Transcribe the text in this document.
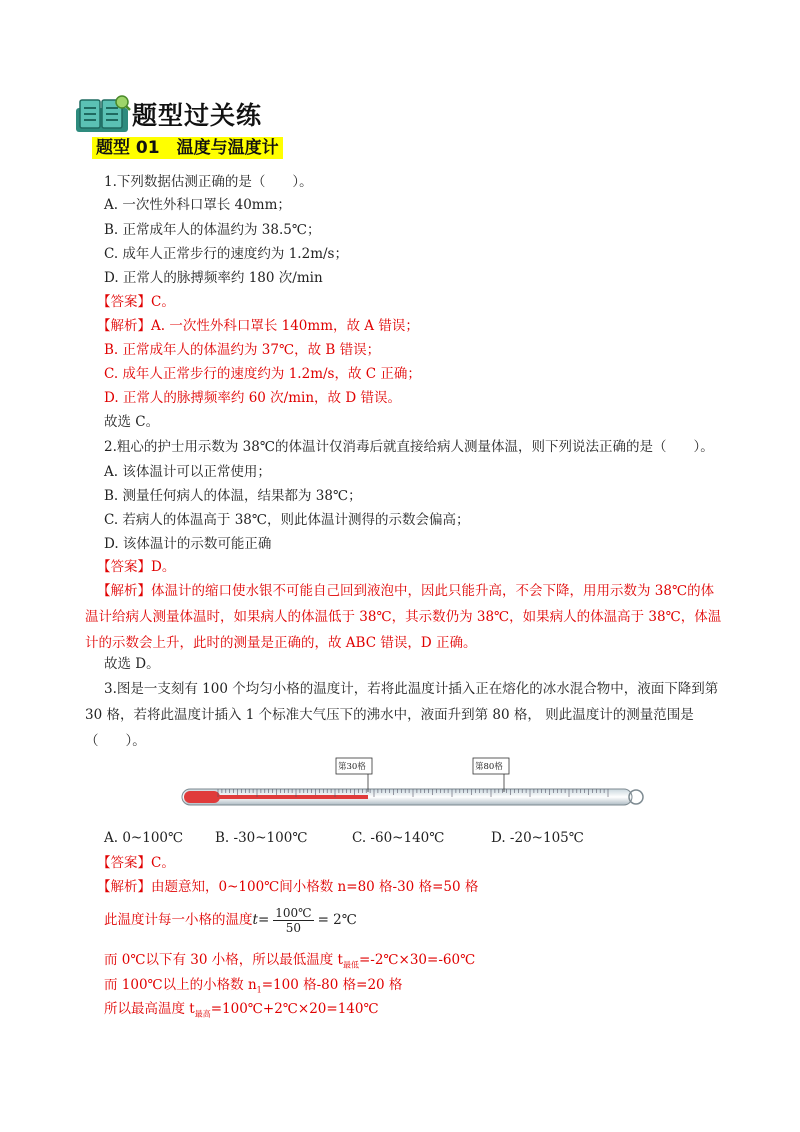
题型过关练
题型 01　温度与温度计
1.下列数据估测正确的是（　　）。
A. 一次性外科口罩长 40mm；
B. 正常成年人的体温约为 38.5℃；
C. 成年人正常步行的速度约为 1.2m/s；
D. 正常人的脉搏频率约 180 次/min
【答案】C。
【解析】A. 一次性外科口罩长 140mm，故 A 错误；
B. 正常成年人的体温约为 37℃，故 B 错误；
C. 成年人正常步行的速度约为 1.2m/s，故 C 正确；
D. 正常人的脉搏频率约 60 次/min，故 D 错误。
故选 C。
2.粗心的护士用示数为 38℃的体温计仅消毒后就直接给病人测量体温，则下列说法正确的是（　　）。
A. 该体温计可以正常使用；
B. 测量任何病人的体温，结果都为 38℃；
C. 若病人的体温高于 38℃，则此体温计测得的示数会偏高；
D. 该体温计的示数可能正确
【答案】D。
【解析】体温计的缩口使水银不可能自己回到液泡中，因此只能升高，不会下降，用用示数为 38℃的体温计给病人测量体温时，如果病人的体温低于 38℃，其示数仍为 38℃，如果病人的体温高于 38℃，体温计的示数会上升，此时的测量是正确的，故 ABC 错误，D 正确。
故选 D。
3.图是一支刻有 100 个均匀小格的温度计，若将此温度计插入正在熔化的冰水混合物中，液面下降到第 30 格，若将此温度计插入 1 个标准大气压下的沸水中，液面升到第 80 格， 则此温度计的测量范围是（　　）。
第30格	第80格
A. 0~100℃ B. -30~100℃	C. -60~140℃	D. -20~105℃
【答案】C。
【解析】由题意知，0~100℃间小格数 n=80 格-30 格=50 格
此温度计每一小格的温度$t= \frac{100℃}{50}$ = 2℃
而 0℃以下有 30 小格，所以最低温度 $t_{最低}=-2℃\times 30=-60℃$
而 100℃以上的小格数 $n_1=100$ 格-80 格=20 格
所以最高温度 $t_{最高}=100℃+2℃\times 20=140℃$
